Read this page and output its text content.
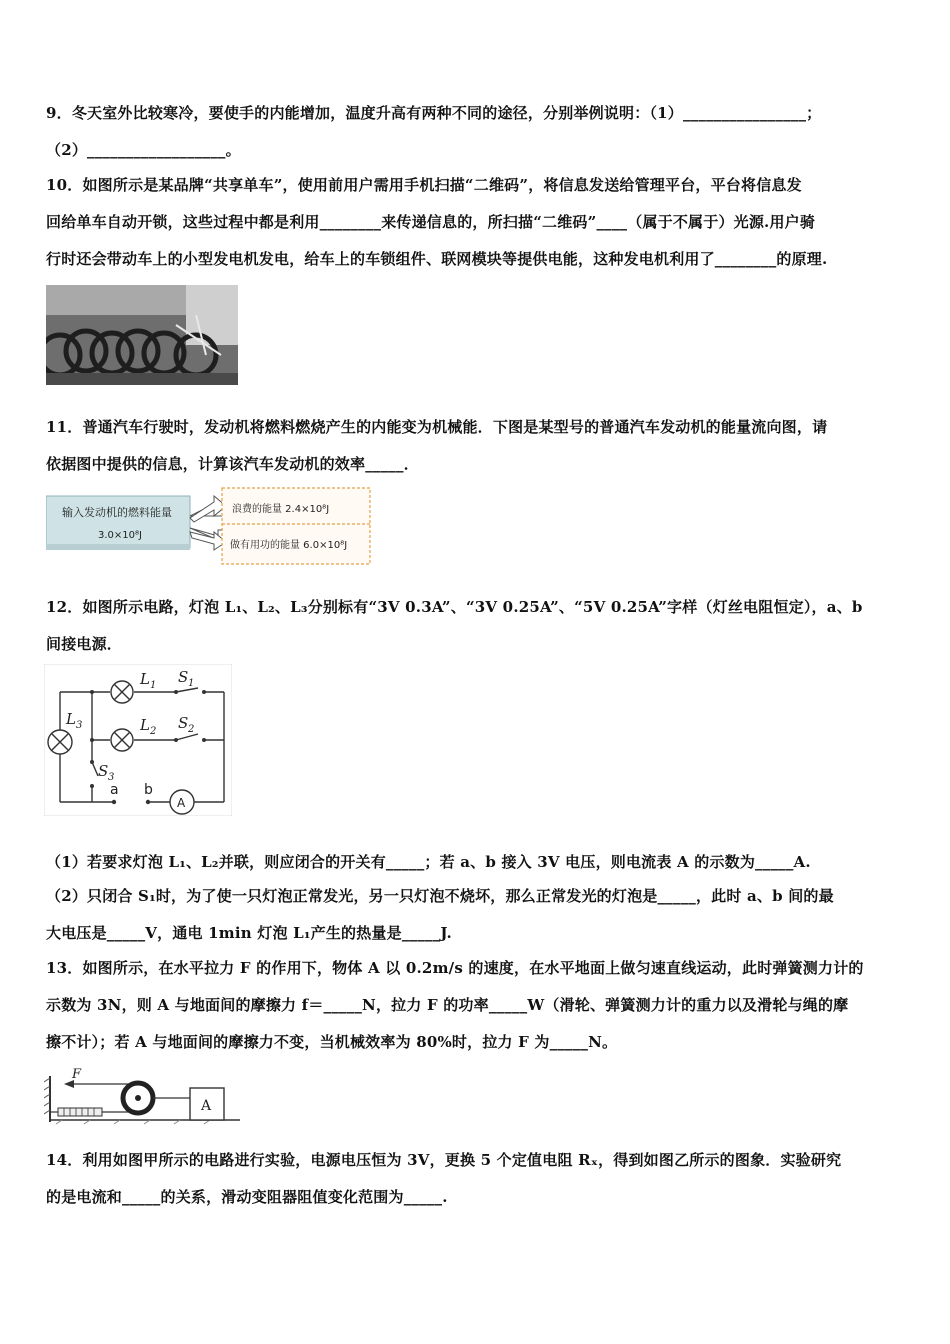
9．冬天室外比较寒冷，要使手的内能增加，温度升高有两种不同的途径，分别举例说明：（1）________________；
（2）__________________。
10．如图所示是某品牌“共享单车”，使用前用户需用手机扫描“二维码”，将信息发送给管理平台，平台将信息发
回给单车自动开锁，这些过程中都是利用________来传递信息的，所扫描“二维码”____（属于不属于）光源.用户骑
行时还会带动车上的小型发电机发电，给车上的车锁组件、联网模块等提供电能，这种发电机利用了________的原理.
11．普通汽车行驶时，发动机将燃料燃烧产生的内能变为机械能．下图是某型号的普通汽车发动机的能量流向图，请
依据图中提供的信息，计算该汽车发动机的效率_____．
输入发动机的燃料能量
3.0×10⁸J
浪费的能量 2.4×10⁸J
做有用功的能量 6.0×10⁸J
12．如图所示电路，灯泡 L₁、L₂、L₃分别标有“3V 0.3A”、“3V 0.25A”、“5V 0.25A”字样（灯丝电阻恒定），a、b
间接电源．
L 1 S 1
L 2 S 2
L 3
S 3
a b
A
（1）若要求灯泡 L₁、L₂并联，则应闭合的开关有_____；若 a、b 接入 3V 电压，则电流表 A 的示数为_____A.
（2）只闭合 S₁时，为了使一只灯泡正常发光，另一只灯泡不烧坏，那么正常发光的灯泡是_____，此时 a、b 间的最
大电压是_____V，通电 1min 灯泡 L₁产生的热量是_____J.
13．如图所示，在水平拉力 F 的作用下，物体 A 以 0.2m/s 的速度，在水平地面上做匀速直线运动，此时弹簧测力计的
示数为 3N，则 A 与地面间的摩擦力 f＝_____N，拉力 F 的功率_____W（滑轮、弹簧测力计的重力以及滑轮与绳的摩
擦不计）；若 A 与地面间的摩擦力不变，当机械效率为 80%时，拉力 F 为_____N。
F
A
14．利用如图甲所示的电路进行实验，电源电压恒为 3V，更换 5 个定值电阻 Rₓ，得到如图乙所示的图象．实验研究
的是电流和_____的关系，滑动变阻器阻值变化范围为_____.
